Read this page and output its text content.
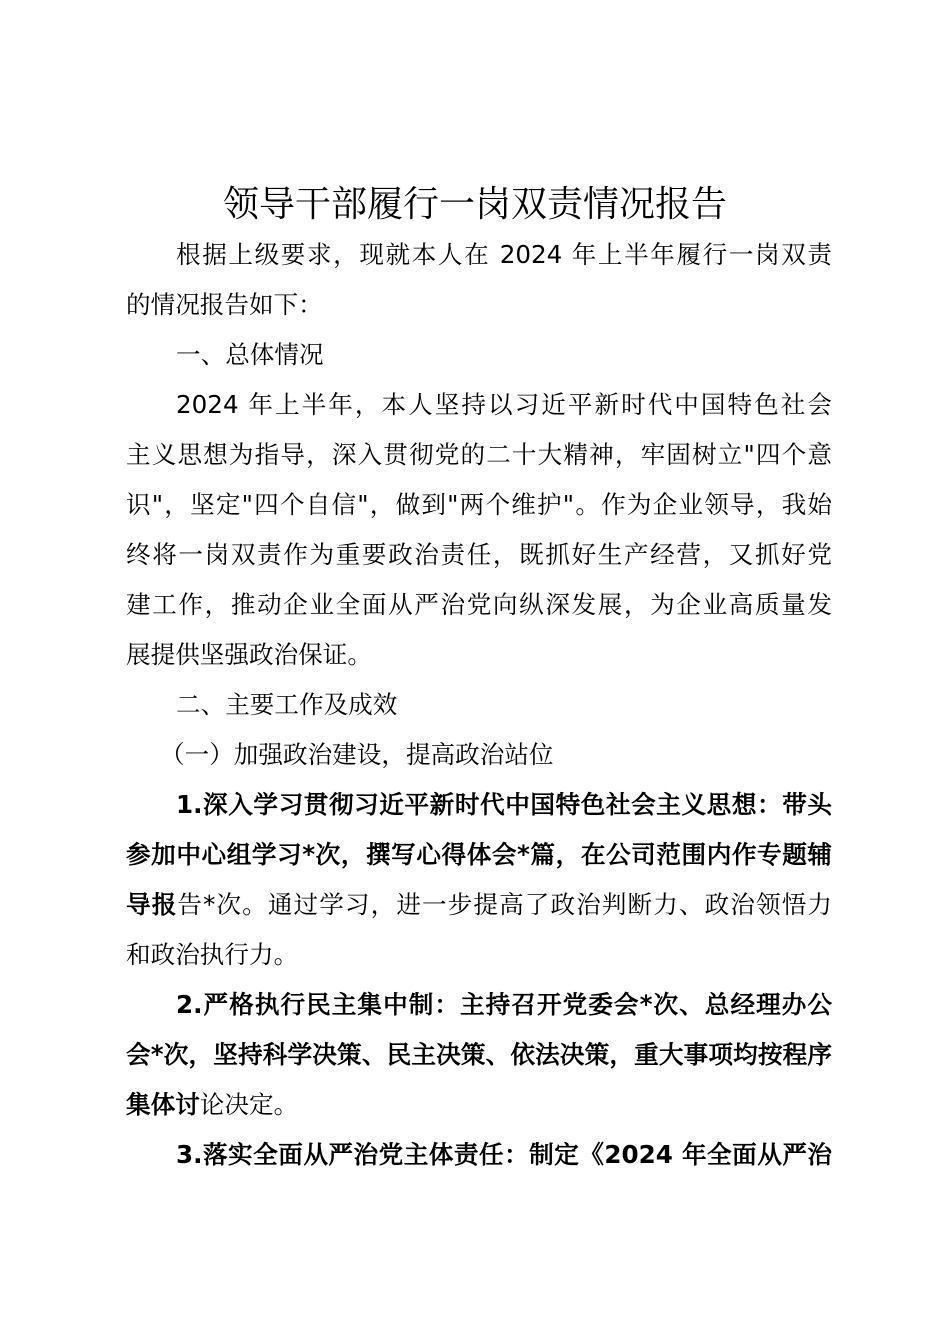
领导干部履行一岗双责情况报告
根据上级要求，现就本人在 2024 年上半年履行一岗双责
的情况报告如下：
一、总体情况
2024 年上半年，本人坚持以习近平新时代中国特色社会
主义思想为指导，深入贯彻党的二十大精神，牢固树立"四个意
识"，坚定"四个自信"，做到"两个维护"。作为企业领导，我始
终将一岗双责作为重要政治责任，既抓好生产经营，又抓好党
建工作，推动企业全面从严治党向纵深发展，为企业高质量发
展提供坚强政治保证。
二、主要工作及成效
（一）加强政治建设，提高政治站位
1.深入学习贯彻习近平新时代中国特色社会主义思想：带头
参加中心组学习*次，撰写心得体会*篇，在公司范围内作专题辅
导报告*次。通过学习，进一步提高了政治判断力、政治领悟力
和政治执行力。
2.严格执行民主集中制：主持召开党委会*次、总经理办公
会*次，坚持科学决策、民主决策、依法决策，重大事项均按程序
集体讨论决定。
3.落实全面从严治党主体责任：制定《2024 年全面从严治
